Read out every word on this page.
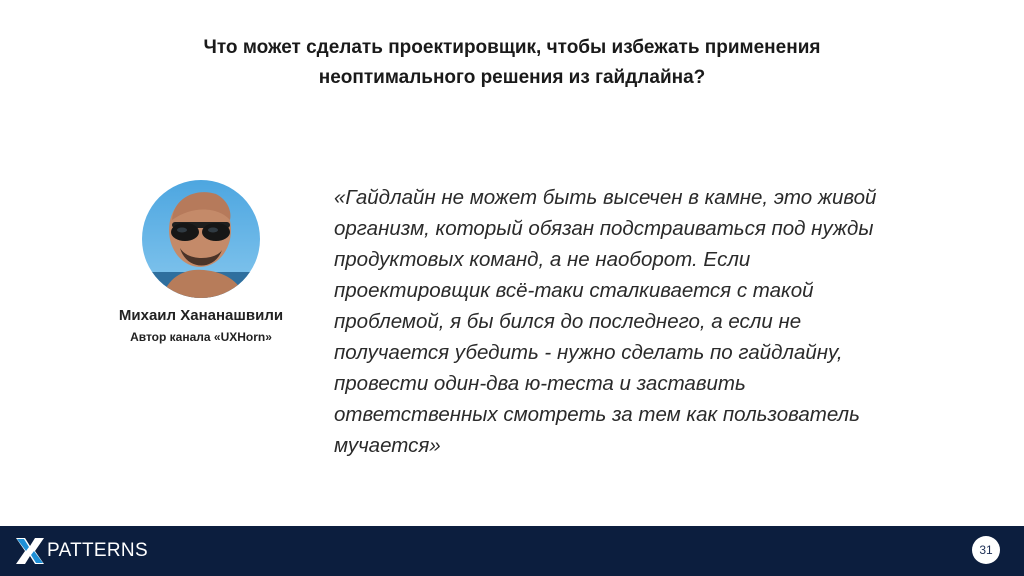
Что может сделать проектировщик, чтобы избежать применения
неоптимального решения из гайдлайна?
Михаил Хананашвили
Автор канала «UXHorn»
«Гайдлайн не может быть высечен в камне, это живой
организм, который обязан подстраиваться под нужды
продуктовых команд, а не наоборот. Если
проектировщик всё-таки сталкивается с такой
проблемой, я бы бился до последнего, а если не
получается убедить - нужно сделать по гайдлайну,
провести один-два ю-теста и заставить
ответственных смотреть за тем как пользователь
мучается»
PATTERNS	31
